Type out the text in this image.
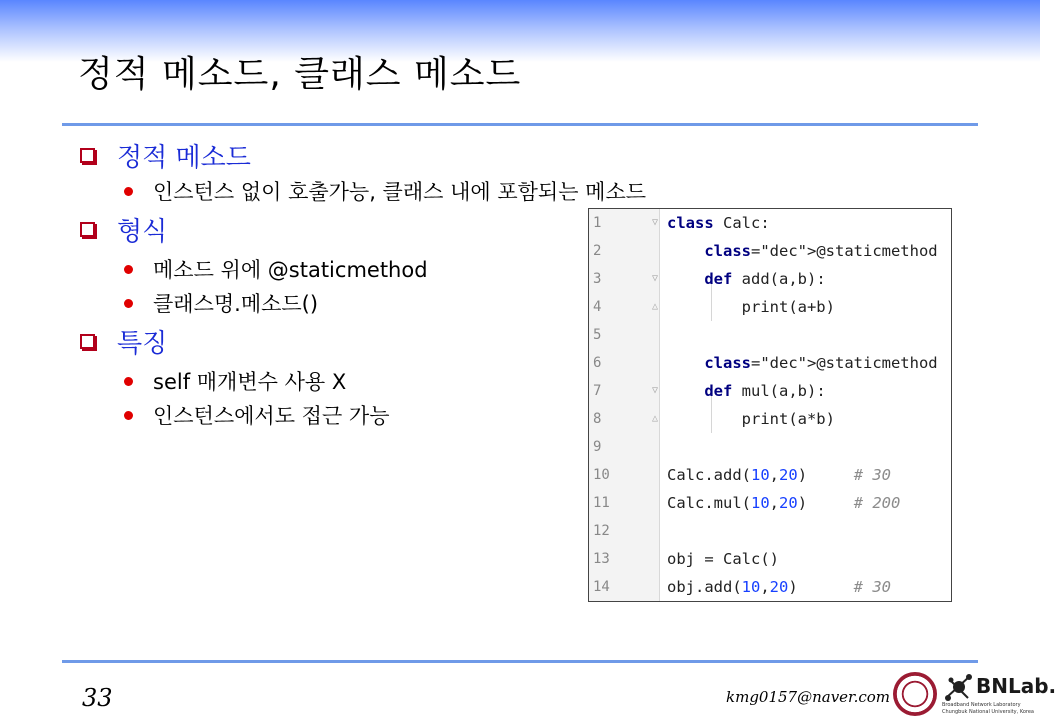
정적 메소드, 클래스 메소드
정적 메소드
인스턴스 없이 호출가능, 클래스 내에 포함되는 메소드
형식
메소드 위에 @staticmethod
클래스명.메소드()
특징
self 매개변수 사용 X
인스턴스에서도 접근 가능
1	▽ class Calc:
2	class="dec">@staticmethod
3	▽	def add(a,b):
4	△ print(a+b)
5
6	class="dec">@staticmethod
7	▽	def mul(a,b):
8	△ print(a*b)
9
10	Calc.add(10,20)     # 30
11	Calc.mul(10,20)     # 200
12
13	obj = Calc()
14	obj.add(10,20)      # 30
33	kmg0157@naver.com	BNLab.
Broadband Network Laboratory
Chungbuk National University, Korea
